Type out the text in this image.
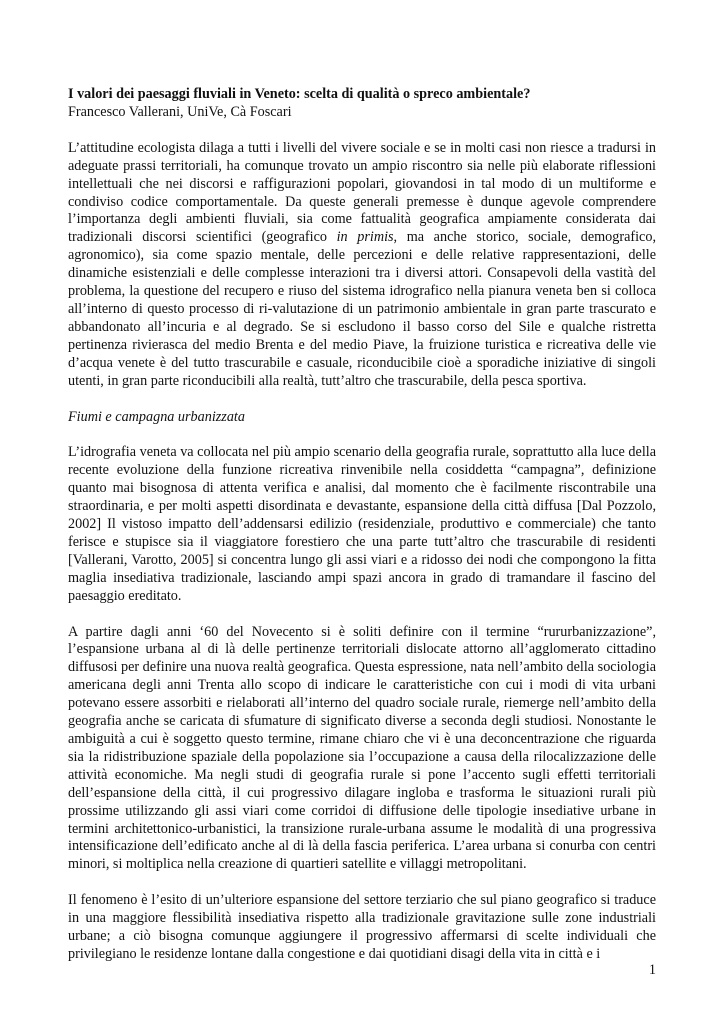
I valori dei paesaggi fluviali in Veneto: scelta di qualità o spreco ambientale?
Francesco Vallerani, UniVe, Cà Foscari

L’attitudine ecologista dilaga a tutti i livelli del vivere sociale e se in molti casi non riesce a tradursi in adeguate prassi territoriali, ha comunque trovato un ampio riscontro sia nelle più elaborate riflessioni intellettuali che nei discorsi e raffigurazioni popolari, giovandosi in tal modo di un multiforme e condiviso codice comportamentale. Da queste generali premesse è dunque agevole comprendere l’importanza degli ambienti fluviali, sia come fattualità geografica ampiamente considerata dai tradizionali discorsi scientifici (geografico in primis, ma anche storico, sociale, demografico, agronomico), sia come spazio mentale, delle percezioni e delle relative rappresentazioni, delle dinamiche esistenziali e delle complesse interazioni tra i diversi attori. Consapevoli della vastità del problema, la questione del recupero e riuso del sistema idrografico nella pianura veneta ben si colloca all’interno di questo processo di ri-valutazione di un patrimonio ambientale in gran parte trascurato e abbandonato all’incuria e al degrado. Se si escludono il basso corso del Sile e qualche ristretta pertinenza rivierasca del medio Brenta e del medio Piave, la fruizione turistica e ricreativa delle vie d’acqua venete è del tutto trascurabile e casuale, riconducibile cioè a sporadiche iniziative di singoli utenti, in gran parte riconducibili alla realtà, tutt’altro che trascurabile, della pesca sportiva.

Fiumi e campagna urbanizzata

L’idrografia veneta va collocata nel più ampio scenario della geografia rurale, soprattutto alla luce della recente evoluzione della funzione ricreativa rinvenibile nella cosiddetta “campagna”, definizione quanto mai bisognosa di attenta verifica e analisi, dal momento che è facilmente riscontrabile una straordinaria, e per molti aspetti disordinata e devastante, espansione della città diffusa [Dal Pozzolo, 2002] Il vistoso impatto dell’addensarsi edilizio (residenziale, produttivo e commerciale) che tanto ferisce e stupisce sia il viaggiatore forestiero che una parte tutt’altro che trascurabile di residenti [Vallerani, Varotto, 2005] si concentra lungo gli assi viari e a ridosso dei nodi che compongono la fitta maglia insediativa tradizionale, lasciando ampi spazi ancora in grado di tramandare il fascino del paesaggio ereditato.

A partire dagli anni ‘60 del Novecento si è soliti definire con il termine “rururbanizzazione”, l’espansione urbana al di là delle pertinenze territoriali dislocate attorno all’agglomerato cittadino diffusosi per definire una nuova realtà geografica. Questa espressione, nata nell’ambito della sociologia americana degli anni Trenta allo scopo di indicare le caratteristiche con cui i modi di vita urbani potevano essere assorbiti e rielaborati all’interno del quadro sociale rurale, riemerge nell’ambito della geografia anche se caricata di sfumature di significato diverse a seconda degli studiosi. Nonostante le ambiguità a cui è soggetto questo termine, rimane chiaro che vi è una deconcentrazione che riguarda sia la ridistribuzione spaziale della popolazione sia l’occupazione a causa della rilocalizzazione delle attività economiche. Ma negli studi di geografia rurale si pone l’accento sugli effetti territoriali dell’espansione della città, il cui progressivo dilagare ingloba e trasforma le situazioni rurali più prossime utilizzando gli assi viari come corridoi di diffusione delle tipologie insediative urbane in termini architettonico-urbanistici, la transizione rurale-urbana assume le modalità di una progressiva intensificazione dell’edificato anche al di là della fascia periferica. L’area urbana si conurba con centri minori, si moltiplica nella creazione di quartieri satellite e villaggi metropolitani.

Il fenomeno è l’esito di un’ulteriore espansione del settore terziario che sul piano geografico si traduce in una maggiore flessibilità insediativa rispetto alla tradizionale gravitazione sulle zone industriali urbane; a ciò bisogna comunque aggiungere il progressivo affermarsi di scelte individuali che privilegiano le residenze lontane dalla congestione e dai quotidiani disagi della vita in città e i

1
